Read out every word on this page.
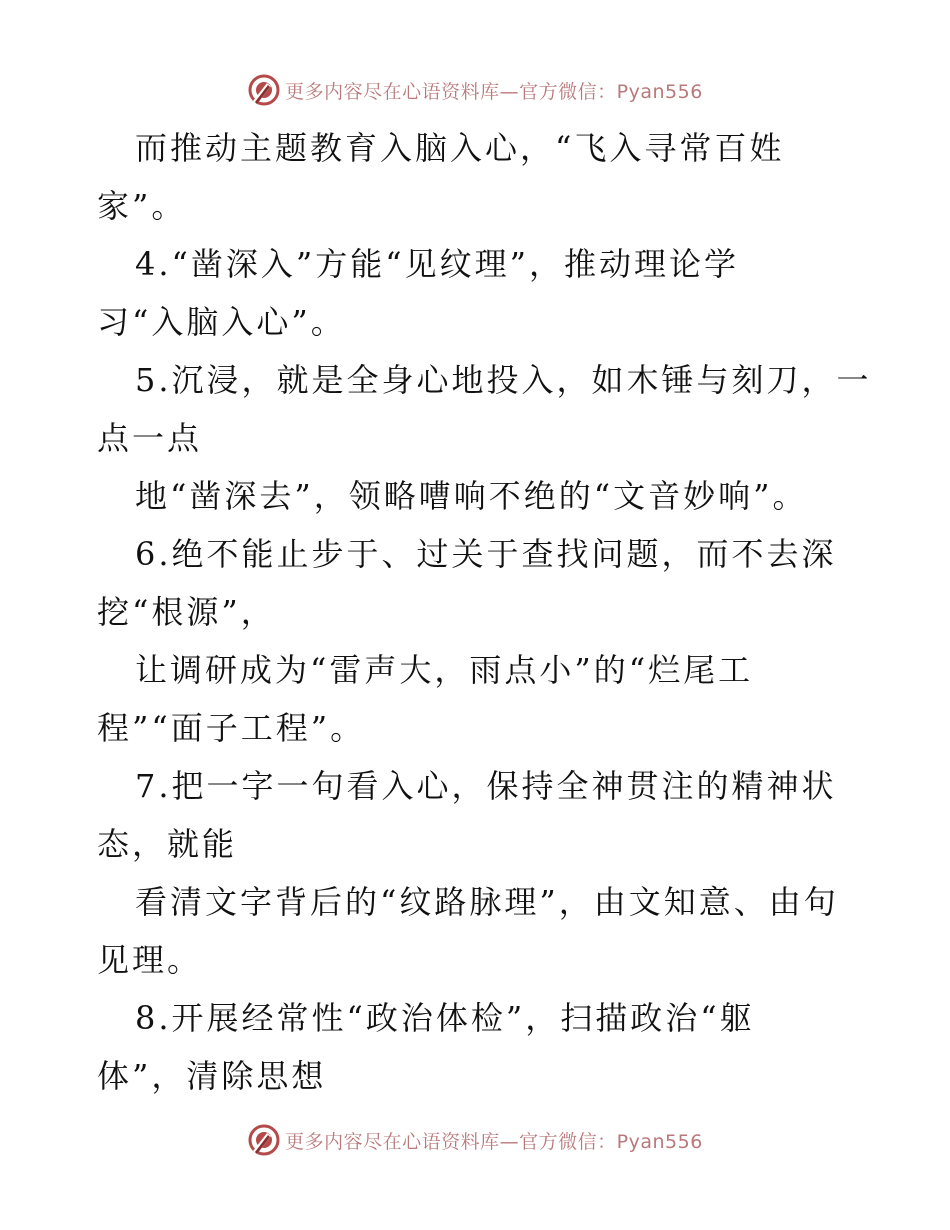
更多内容尽在心语资料库—官方微信：Pyan556
而推动主题教育入脑入心，“飞入寻常百姓
家”。
4.“凿深入”方能“见纹理”，推动理论学
习“入脑入心”。
5.沉浸，就是全身心地投入，如木锤与刻刀，一
点一点
地“凿深去”，领略嘈响不绝的“文音妙响”。
6.绝不能止步于、过关于查找问题，而不去深
挖“根源”，
让调研成为“雷声大，雨点小”的“烂尾工
程”“面子工程”。
7.把一字一句看入心，保持全神贯注的精神状
态，就能
看清文字背后的“纹路脉理”，由文知意、由句
见理。
8.开展经常性“政治体检”，扫描政治“躯
体”，清除思想
更多内容尽在心语资料库—官方微信：Pyan556
